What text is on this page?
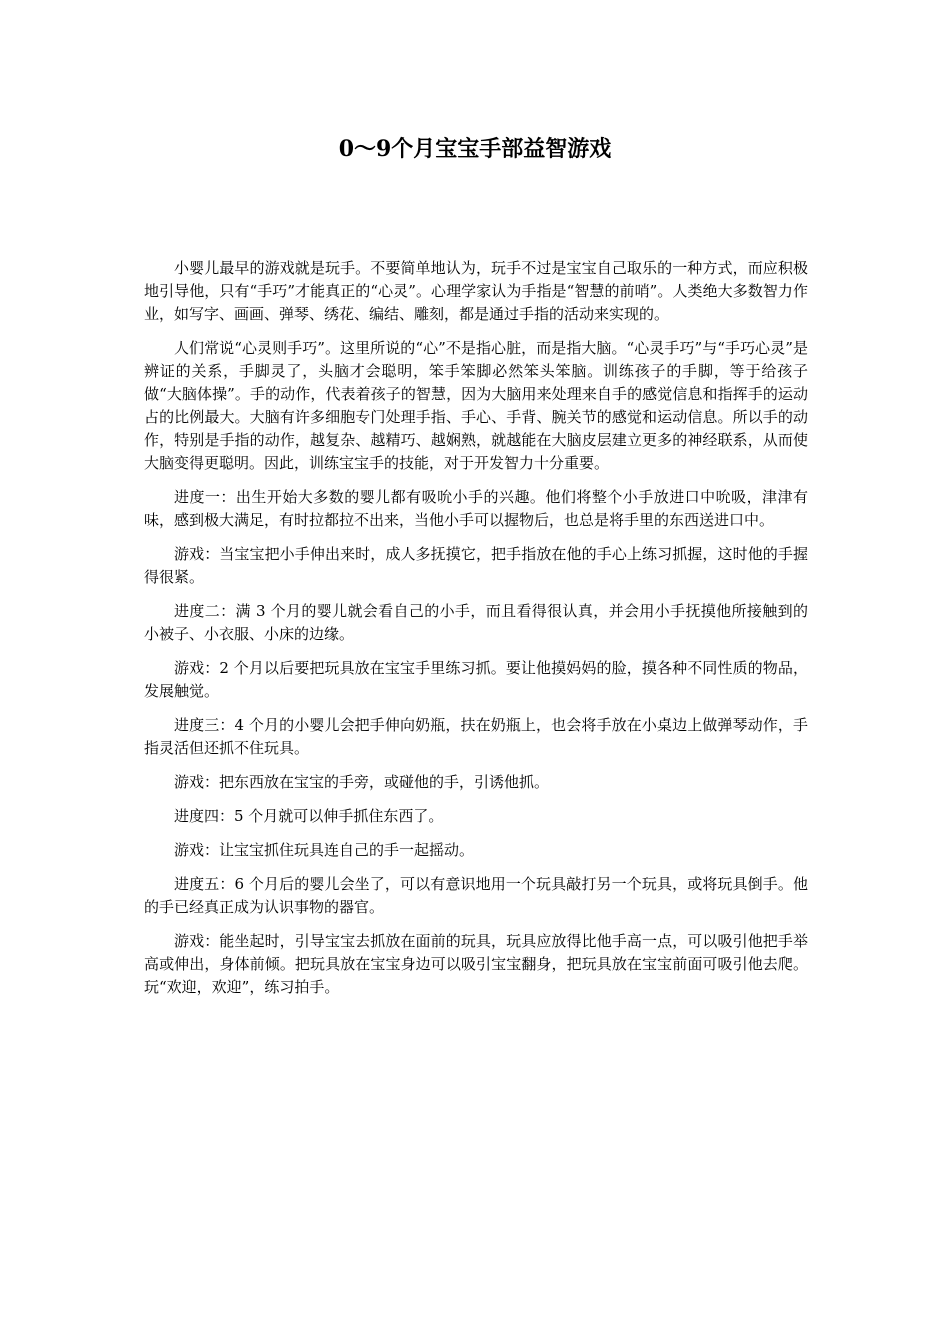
0～9个月宝宝手部益智游戏

小婴儿最早的游戏就是玩手。不要简单地认为，玩手不过是宝宝自己取乐的一种方式，而应积极地引导他，只有“手巧”才能真正的“心灵”。心理学家认为手指是“智慧的前哨”。人类绝大多数智力作业，如写字、画画、弹琴、绣花、编结、雕刻，都是通过手指的活动来实现的。

人们常说“心灵则手巧”。这里所说的“心”不是指心脏，而是指大脑。“心灵手巧”与“手巧心灵”是辨证的关系，手脚灵了，头脑才会聪明，笨手笨脚必然笨头笨脑。训练孩子的手脚，等于给孩子做“大脑体操”。手的动作，代表着孩子的智慧，因为大脑用来处理来自手的感觉信息和指挥手的运动占的比例最大。大脑有许多细胞专门处理手指、手心、手背、腕关节的感觉和运动信息。所以手的动作，特别是手指的动作，越复杂、越精巧、越娴熟，就越能在大脑皮层建立更多的神经联系，从而使大脑变得更聪明。因此，训练宝宝手的技能，对于开发智力十分重要。

进度一：出生开始大多数的婴儿都有吸吮小手的兴趣。他们将整个小手放进口中吮吸，津津有味，感到极大满足，有时拉都拉不出来，当他小手可以握物后，也总是将手里的东西送进口中。

游戏：当宝宝把小手伸出来时，成人多抚摸它，把手指放在他的手心上练习抓握，这时他的手握得很紧。

进度二：满 3 个月的婴儿就会看自己的小手，而且看得很认真，并会用小手抚摸他所接触到的小被子、小衣服、小床的边缘。

游戏：2 个月以后要把玩具放在宝宝手里练习抓。要让他摸妈妈的脸，摸各种不同性质的物品，发展触觉。

进度三：4 个月的小婴儿会把手伸向奶瓶，扶在奶瓶上，也会将手放在小桌边上做弹琴动作，手指灵活但还抓不住玩具。

游戏：把东西放在宝宝的手旁，或碰他的手，引诱他抓。

进度四：5 个月就可以伸手抓住东西了。

游戏：让宝宝抓住玩具连自己的手一起摇动。

进度五：6 个月后的婴儿会坐了，可以有意识地用一个玩具敲打另一个玩具，或将玩具倒手。他的手已经真正成为认识事物的器官。

游戏：能坐起时，引导宝宝去抓放在面前的玩具，玩具应放得比他手高一点，可以吸引他把手举高或伸出，身体前倾。把玩具放在宝宝身边可以吸引宝宝翻身，把玩具放在宝宝前面可吸引他去爬。玩“欢迎，欢迎”，练习拍手。
